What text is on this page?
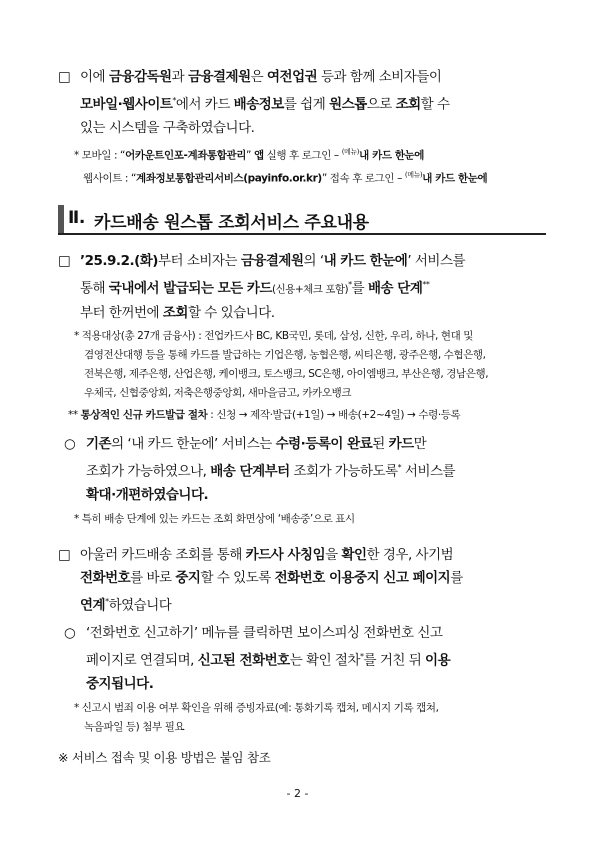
□ 이에 금융감독원과 금융결제원은 여전업권 등과 함께 소비자들이
모바일·웹사이트*에서 카드 배송정보를 쉽게 원스톱으로 조회할 수
있는 시스템을 구축하였습니다.
* 모바일 : “어카운트인포-계좌통합관리” 앱 실행 후 로그인 – $^{(메뉴)}$내 카드 한눈에
웹사이트 : “계좌정보통합관리서비스(payinfo.or.kr)” 접속 후 로그인 – $^{(메뉴)}$내 카드 한눈에
Ⅱ. 카드배송 원스톱 조회서비스 주요내용
□ ’25.9.2.(화)부터 소비자는 금융결제원의 ‘내 카드 한눈에’ 서비스를
통해 국내에서 발급되는 모든 카드(신용+체크 포함)*를 배송 단계**
부터 한꺼번에 조회할 수 있습니다.
* 적용대상(총 27개 금융사) : 전업카드사 BC, KB국민, 롯데, 삼성, 신한, 우리, 하나, 현대 및
겸영전산대행 등을 통해 카드를 발급하는 기업은행, 농협은행, 씨티은행, 광주은행, 수협은행,
전북은행, 제주은행, 산업은행, 케이뱅크, 토스뱅크, SC은행, 아이엠뱅크, 부산은행, 경남은행,
우체국, 신협중앙회, 저축은행중앙회, 새마을금고, 카카오뱅크
** 통상적인 신규 카드발급 절차 : 신청 → 제작·발급(+1일) → 배송(+2~4일) → 수령·등록
○ 기존의 ‘내 카드 한눈에’ 서비스는 수령·등록이 완료된 카드만
조회가 가능하였으나, 배송 단계부터 조회가 가능하도록* 서비스를
확대·개편하였습니다.
* 특히 배송 단계에 있는 카드는 조회 화면상에 ‘배송중’으로 표시
□ 아울러 카드배송 조회를 통해 카드사 사칭임을 확인한 경우, 사기범
전화번호를 바로 중지할 수 있도록 전화번호 이용중지 신고 페이지를
연계*하였습니다
○ ‘전화번호 신고하기’ 메뉴를 클릭하면 보이스피싱 전화번호 신고
페이지로 연결되며, 신고된 전화번호는 확인 절차*를 거친 뒤 이용
중지됩니다.
* 신고시 범죄 이용 여부 확인을 위해 증빙자료(예: 통화기록 캡쳐, 메시지 기록 캡쳐,
녹음파일 등) 첨부 필요
※ 서비스 접속 및 이용 방법은 붙임 참조
- 2 -
